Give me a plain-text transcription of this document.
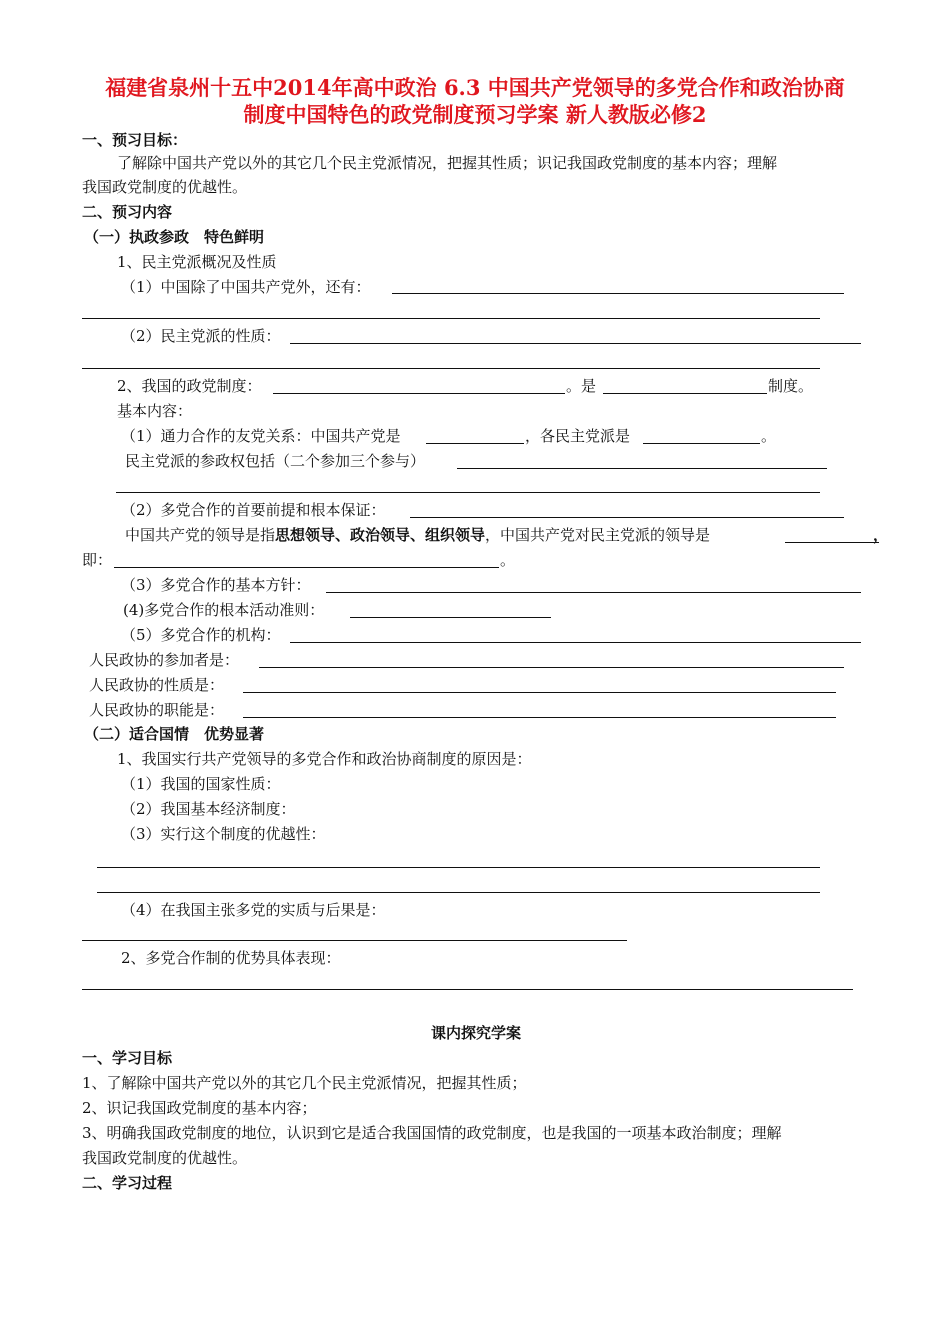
福建省泉州十五中2014年高中政治 6.3 中国共产党领导的多党合作和政治协商
制度中国特色的政党制度预习学案 新人教版必修2
一、预习目标：
了解除中国共产党以外的其它几个民主党派情况，把握其性质；识记我国政党制度的基本内容；理解
我国政党制度的优越性。
二、预习内容
（一）执政参政　特色鲜明
1、民主党派概况及性质
（1）中国除了中国共产党外，还有：
（2）民主党派的性质：
2、我国的政党制度：	。是	制度。
基本内容：
（1）通力合作的友党关系：中国共产党是	，各民主党派是	。
民主党派的参政权包括（二个参加三个参与）
（2）多党合作的首要前提和根本保证：
中国共产党的领导是指思想领导、政治领导、组织领导，中国共产党对民主党派的领导是	，
即：	。
（3）多党合作的基本方针：
(4)多党合作的根本活动准则：
（5）多党合作的机构：
人民政协的参加者是：
人民政协的性质是：
人民政协的职能是：
（二）适合国情　优势显著
1、我国实行共产党领导的多党合作和政治协商制度的原因是：
（1）我国的国家性质：
（2）我国基本经济制度：
（3）实行这个制度的优越性：
（4）在我国主张多党的实质与后果是：
2、多党合作制的优势具体表现：
课内探究学案
一、学习目标
1、了解除中国共产党以外的其它几个民主党派情况，把握其性质；
2、识记我国政党制度的基本内容；
3、明确我国政党制度的地位，认识到它是适合我国国情的政党制度，也是我国的一项基本政治制度；理解
我国政党制度的优越性。
二、学习过程
